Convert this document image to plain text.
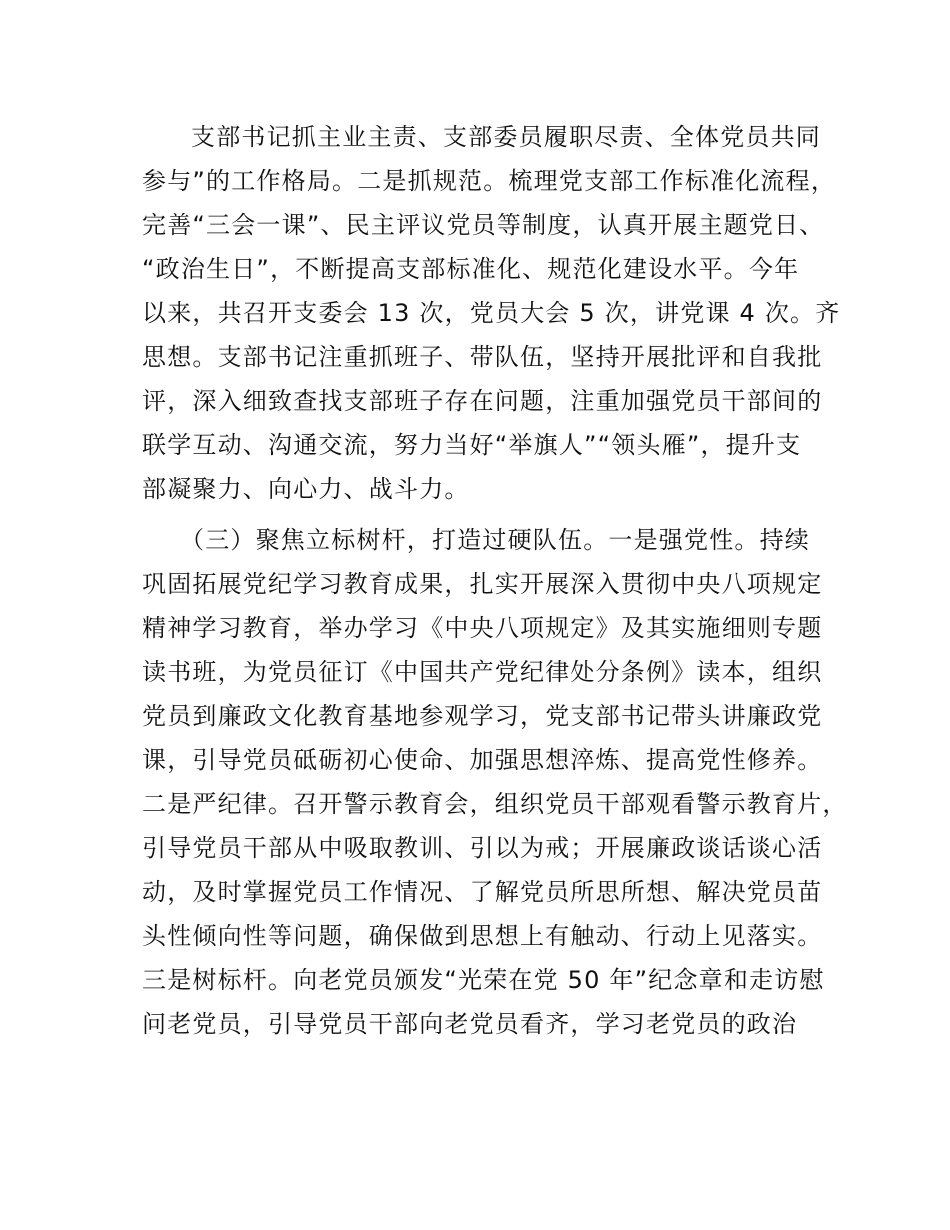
支部书记抓主业主责、支部委员履职尽责、全体党员共同

参与”的工作格局。二是抓规范。梳理党支部工作标准化流程，

完善“三会一课”、民主评议党员等制度，认真开展主题党日、

“政治生日”，不断提高支部标准化、规范化建设水平。今年

以来，共召开支委会 13 次，党员大会 5 次，讲党课 4 次。齐

思想。支部书记注重抓班子、带队伍，坚持开展批评和自我批

评，深入细致查找支部班子存在问题，注重加强党员干部间的

联学互动、沟通交流，努力当好“举旗人”“领头雁”，提升支

部凝聚力、向心力、战斗力。

（三）聚焦立标树杆，打造过硬队伍。一是强党性。持续

巩固拓展党纪学习教育成果，扎实开展深入贯彻中央八项规定

精神学习教育，举办学习《中央八项规定》及其实施细则专题

读书班，为党员征订《中国共产党纪律处分条例》读本，组织

党员到廉政文化教育基地参观学习，党支部书记带头讲廉政党

课，引导党员砥砺初心使命、加强思想淬炼、提高党性修养。

二是严纪律。召开警示教育会，组织党员干部观看警示教育片，

引导党员干部从中吸取教训、引以为戒；开展廉政谈话谈心活

动，及时掌握党员工作情况、了解党员所思所想、解决党员苗

头性倾向性等问题，确保做到思想上有触动、行动上见落实。

三是树标杆。向老党员颁发“光荣在党 50 年”纪念章和走访慰

问老党员，引导党员干部向老党员看齐，学习老党员的政治
